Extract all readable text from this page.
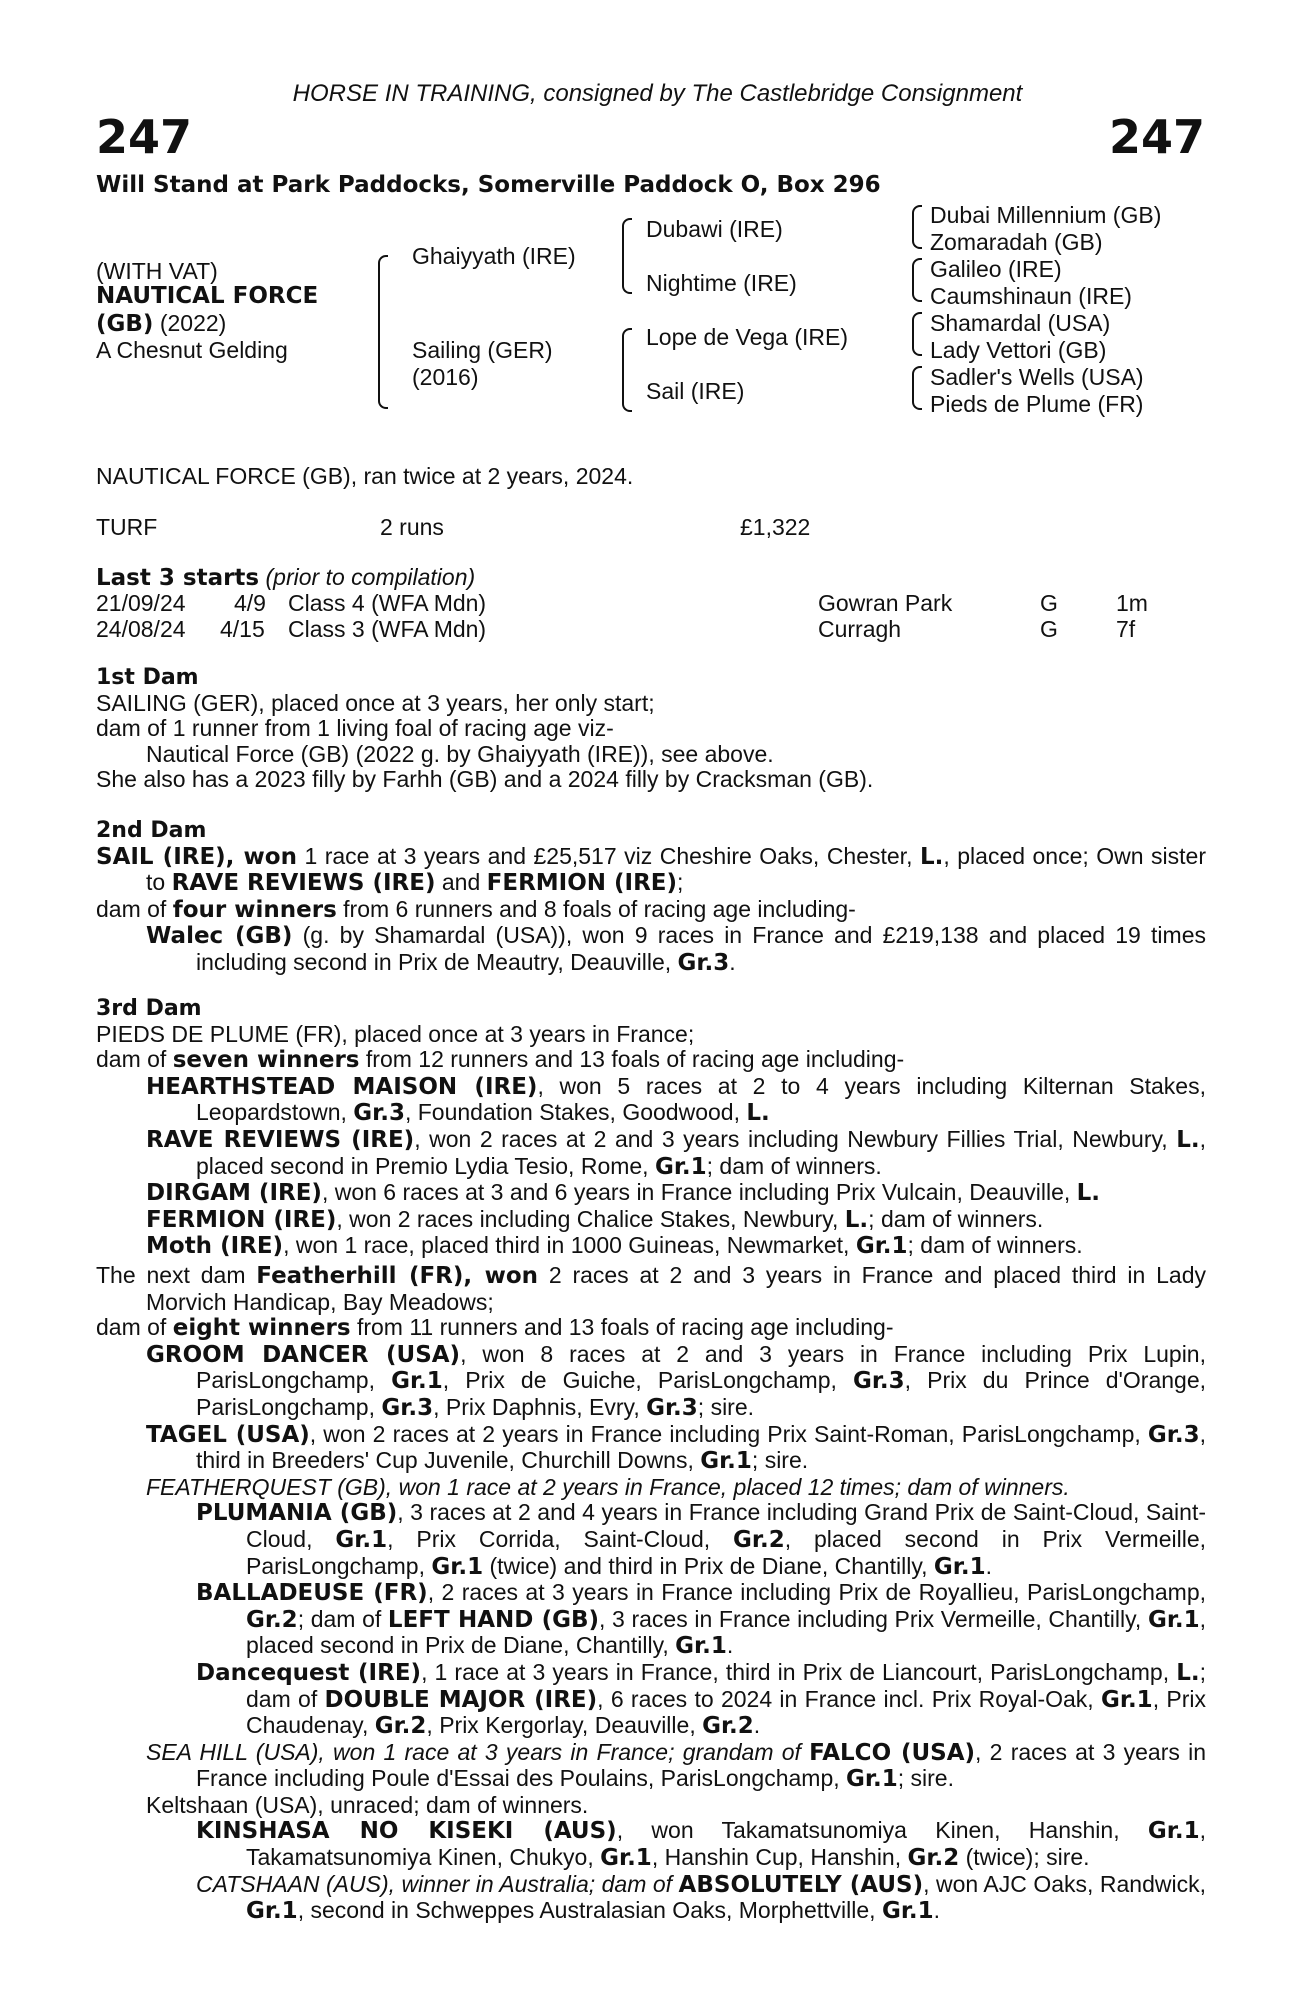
HORSE IN TRAINING, consigned by The Castlebridge Consignment
247	247
Will Stand at Park Paddocks, Somerville Paddock O, Box 296
(WITH VAT)
NAUTICAL FORCE
(GB) (2022)
A Chesnut Gelding
Ghaiyyath (IRE)
Sailing (GER)
(2016)
Dubawi (IRE)
Nightime (IRE)
Lope de Vega (IRE)
Sail (IRE)
Dubai Millennium (GB)
Zomaradah (GB)
Galileo (IRE)
Caumshinaun (IRE)
Shamardal (USA)
Lady Vettori (GB)
Sadler's Wells (USA)
Pieds de Plume (FR)
NAUTICAL FORCE (GB), ran twice at 2 years, 2024.
TURF	2 runs	£1,322
Last 3 starts (prior to compilation)
21/09/24 4/9 Class 4 (WFA Mdn)	Gowran Park	G	1m
24/08/24 4/15 Class 3 (WFA Mdn)	Curragh	G	7f

1st Dam

SAILING (GER), placed once at 3 years, her only start;

dam of 1 runner from 1 living foal of racing age viz-

Nautical Force (GB) (2022 g. by Ghaiyyath (IRE)), see above.

She also has a 2023 filly by Farhh (GB) and a 2024 filly by Cracksman (GB).

2nd Dam

SAIL (IRE), won 1 race at 3 years and £25,517 viz Cheshire Oaks, Chester, L., placed once; Own sister to RAVE REVIEWS (IRE) and FERMION (IRE);

dam of four winners from 6 runners and 8 foals of racing age including-

Walec (GB) (g. by Shamardal (USA)), won 9 races in France and £219,138 and placed 19 times including second in Prix de Meautry, Deauville, Gr.3.

3rd Dam

PIEDS DE PLUME (FR), placed once at 3 years in France;

dam of seven winners from 12 runners and 13 foals of racing age including-

HEARTHSTEAD MAISON (IRE), won 5 races at 2 to 4 years including Kilternan Stakes, Leopardstown, Gr.3, Foundation Stakes, Goodwood, L.

RAVE REVIEWS (IRE), won 2 races at 2 and 3 years including Newbury Fillies Trial, Newbury, L., placed second in Premio Lydia Tesio, Rome, Gr.1; dam of winners.

DIRGAM (IRE), won 6 races at 3 and 6 years in France including Prix Vulcain, Deauville, L.

FERMION (IRE), won 2 races including Chalice Stakes, Newbury, L.; dam of winners.

Moth (IRE), won 1 race, placed third in 1000 Guineas, Newmarket, Gr.1; dam of winners.

The next dam Featherhill (FR), won 2 races at 2 and 3 years in France and placed third in Lady Morvich Handicap, Bay Meadows;

dam of eight winners from 11 runners and 13 foals of racing age including-

GROOM DANCER (USA), won 8 races at 2 and 3 years in France including Prix Lupin, ParisLongchamp, Gr.1, Prix de Guiche, ParisLongchamp, Gr.3, Prix du Prince d'Orange, ParisLongchamp, Gr.3, Prix Daphnis, Evry, Gr.3; sire.

TAGEL (USA), won 2 races at 2 years in France including Prix Saint-Roman, ParisLongchamp, Gr.3, third in Breeders' Cup Juvenile, Churchill Downs, Gr.1; sire.

FEATHERQUEST (GB), won 1 race at 2 years in France, placed 12 times; dam of winners.

PLUMANIA (GB), 3 races at 2 and 4 years in France including Grand Prix de Saint-Cloud, Saint-Cloud, Gr.1, Prix Corrida, Saint-Cloud, Gr.2, placed second in Prix Vermeille, ParisLongchamp, Gr.1 (twice) and third in Prix de Diane, Chantilly, Gr.1.

BALLADEUSE (FR), 2 races at 3 years in France including Prix de Royallieu, ParisLongchamp, Gr.2; dam of LEFT HAND (GB), 3 races in France including Prix Vermeille, Chantilly, Gr.1, placed second in Prix de Diane, Chantilly, Gr.1.

Dancequest (IRE), 1 race at 3 years in France, third in Prix de Liancourt, ParisLongchamp, L.; dam of DOUBLE MAJOR (IRE), 6 races to 2024 in France incl. Prix Royal-Oak, Gr.1, Prix Chaudenay, Gr.2, Prix Kergorlay, Deauville, Gr.2.

SEA HILL (USA), won 1 race at 3 years in France; grandam of FALCO (USA), 2 races at 3 years in France including Poule d'Essai des Poulains, ParisLongchamp, Gr.1; sire.

Keltshaan (USA), unraced; dam of winners.

KINSHASA NO KISEKI (AUS), won Takamatsunomiya Kinen, Hanshin, Gr.1, Takamatsunomiya Kinen, Chukyo, Gr.1, Hanshin Cup, Hanshin, Gr.2 (twice); sire.

CATSHAAN (AUS), winner in Australia; dam of ABSOLUTELY (AUS), won AJC Oaks, Randwick, Gr.1, second in Schweppes Australasian Oaks, Morphettville, Gr.1.
